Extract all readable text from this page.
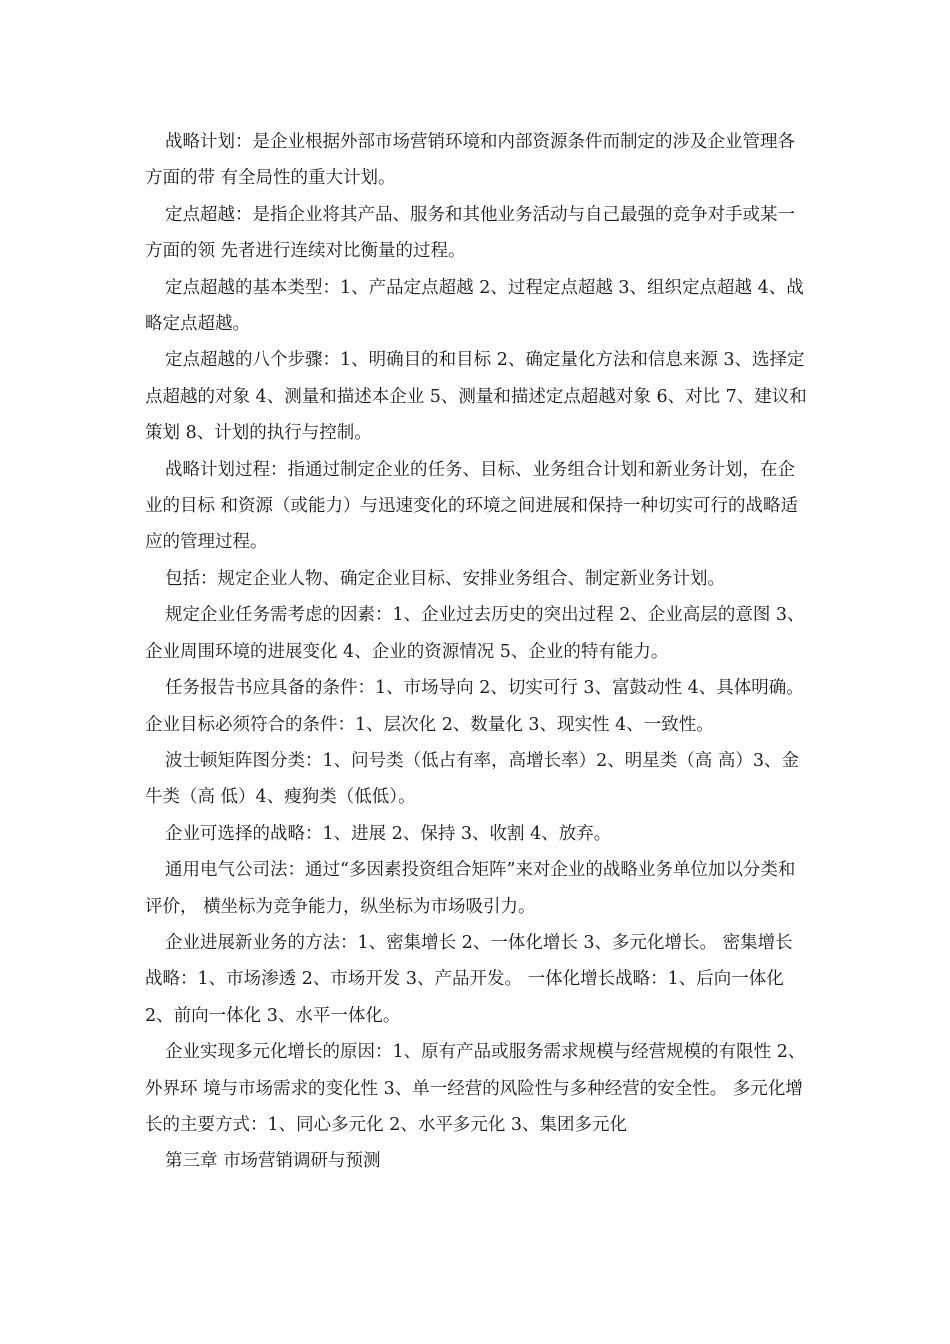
战略计划：是企业根据外部市场营销环境和内部资源条件而制定的涉及企业管理各方面的带 有全局性的重大计划。

定点超越：是指企业将其产品、服务和其他业务活动与自己最强的竞争对手或某一方面的领 先者进行连续对比衡量的过程。

定点超越的基本类型：1、产品定点超越 2、过程定点超越 3、组织定点超越 4、战略定点超越。

定点超越的八个步骤：1、明确目的和目标 2、确定量化方法和信息来源 3、选择定点超越的对象 4、测量和描述本企业 5、测量和描述定点超越对象 6、对比 7、建议和策划 8、计划的执行与控制。

战略计划过程：指通过制定企业的任务、目标、业务组合计划和新业务计划，在企业的目标 和资源（或能力）与迅速变化的环境之间进展和保持一种切实可行的战略适应的管理过程。

包括：规定企业人物、确定企业目标、安排业务组合、制定新业务计划。

规定企业任务需考虑的因素：1、企业过去历史的突出过程 2、企业高层的意图 3、企业周围环境的进展变化 4、企业的资源情况 5、企业的特有能力。

任务报告书应具备的条件：1、市场导向 2、切实可行 3、富鼓动性 4、具体明确。 企业目标必须符合的条件：1、层次化 2、数量化 3、现实性 4、一致性。

波士顿矩阵图分类：1、问号类（低占有率，高增长率）2、明星类（高 高）3、金牛类（高 低）4、瘦狗类（低低）。

企业可选择的战略：1、进展 2、保持 3、收割 4、放弃。

通用电气公司法：通过“多因素投资组合矩阵”来对企业的战略业务单位加以分类和评价， 横坐标为竞争能力，纵坐标为市场吸引力。

企业进展新业务的方法：1、密集增长 2、一体化增长 3、多元化增长。 密集增长战略：1、市场渗透 2、市场开发 3、产品开发。 一体化增长战略：1、后向一体化 2、前向一体化 3、水平一体化。

企业实现多元化增长的原因：1、原有产品或服务需求规模与经营规模的有限性 2、外界环 境与市场需求的变化性 3、单一经营的风险性与多种经营的安全性。 多元化增长的主要方式：1、同心多元化 2、水平多元化 3、集团多元化

第三章 市场营销调研与预测
